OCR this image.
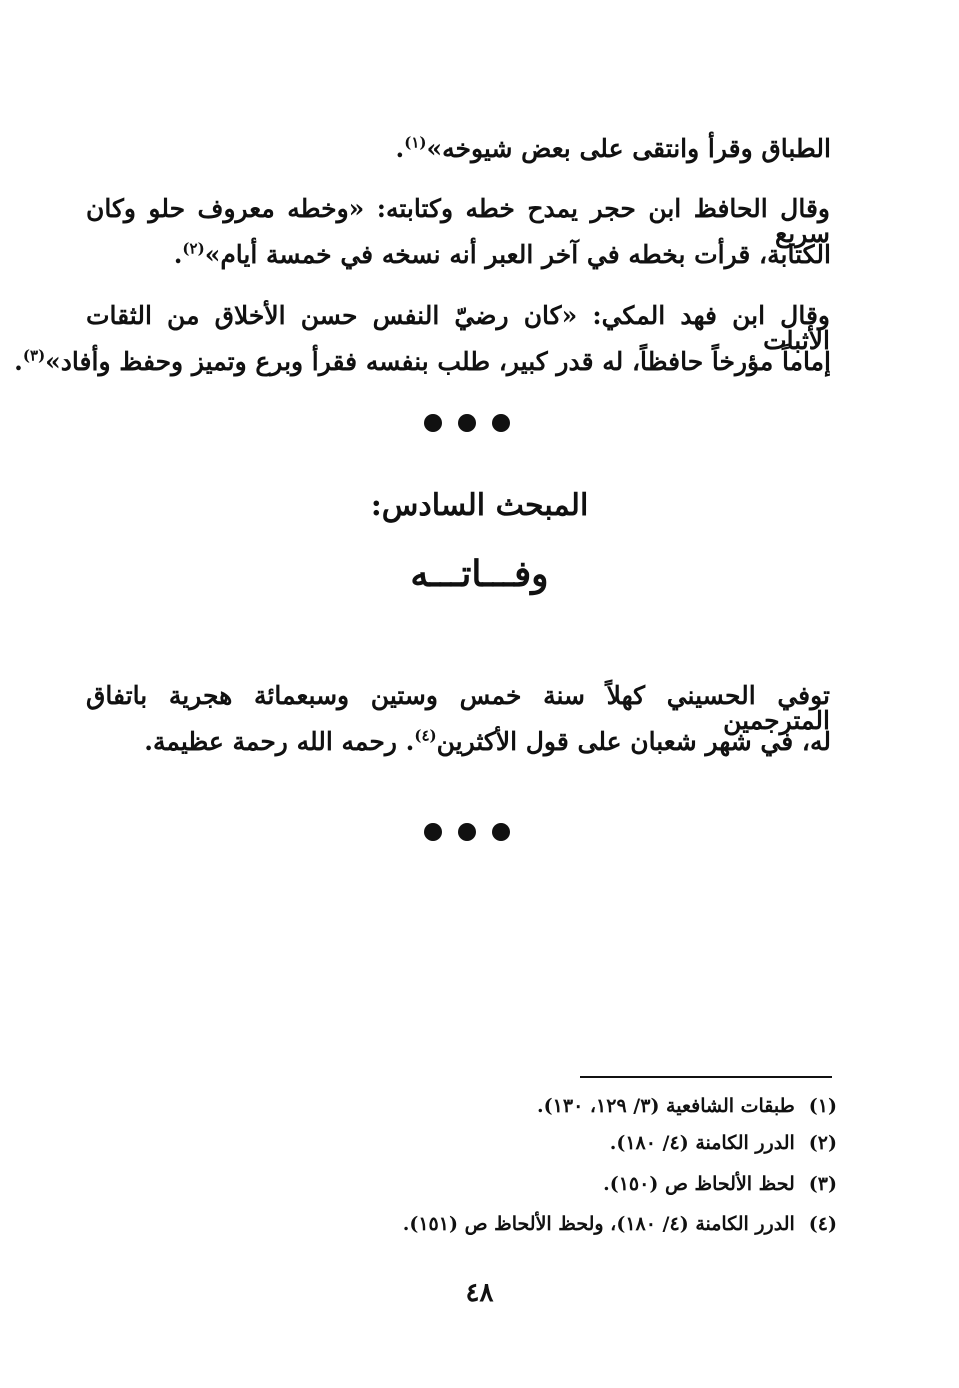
الطباق وقرأ وانتقى على بعض شيوخه»$^{(١)}$.
وقال الحافظ ابن حجر يمدح خطه وكتابته: «وخطه معروف حلو وكان سريع
الكتابة، قرأت بخطه في آخر العبر أنه نسخه في خمسة أيام»$^{(٢)}$.
وقال ابن فهد المكي: «كان رضيّ النفس حسن الأخلاق من الثقات الأثبات
إماماً مؤرخاً حافظاً، له قدر كبير، طلب بنفسه فقرأ وبرع وتميز وحفظ وأفاد»$^{(٣)}$.
المبحث السادس:
وفـــاتـــه
توفي الحسيني كهلاً سنة خمس وستين وسبعمائة هجرية باتفاق المترجمين
له، في شهر شعبان على قول الأكثرين$^{(٤)}$. رحمه الله رحمة عظيمة.
(١)طبقات الشافعية (٣/ ١٢٩، ١٣٠).
(٢)الدرر الكامنة (٤/ ١٨٠).
(٣)لحظ الألحاظ ص (١٥٠).
(٤)الدرر الكامنة (٤/ ١٨٠)، ولحظ الألحاظ ص (١٥١).
٤٨
